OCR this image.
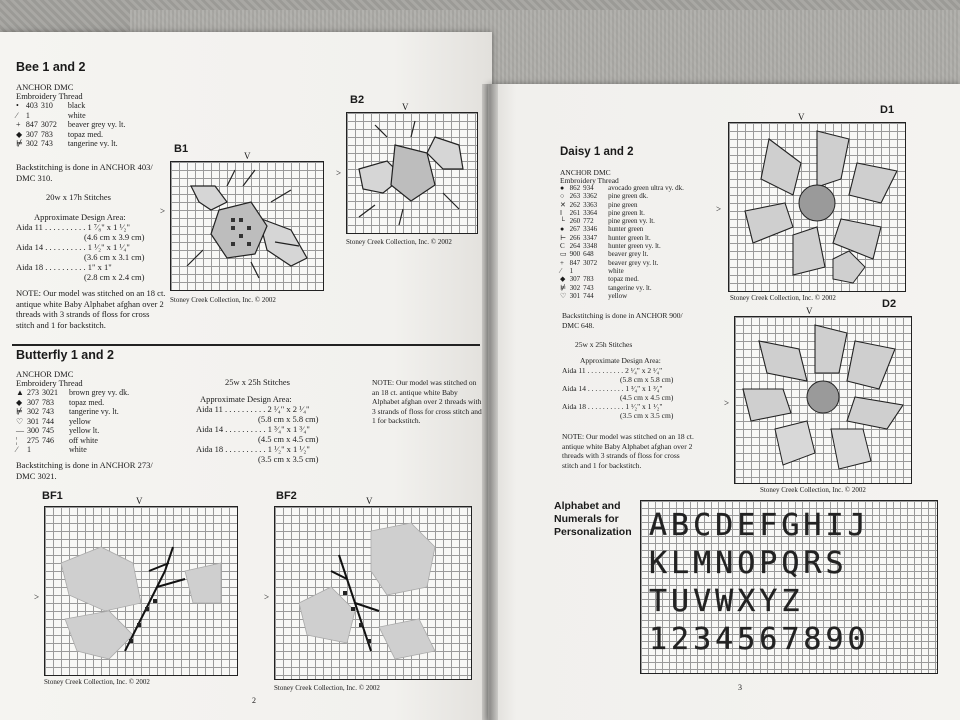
Bee 1 and 2
ANCHOR DMC
Embroidery Thread
•	403	310	black
⁄	1		white
+	847	3072	beaver grey vy. lt.
◆	307	783	topaz med.
⊭	302	743	tangerine vy. lt.
Backstitching is done in ANCHOR 403/ DMC 310.
20w x 17h Stitches
Approximate Design Area:
Aida 11 . . . . . . . . . . 1 ⁷⁄₈" x 1 ¹⁄₂"
(4.6 cm x 3.9 cm)
Aida 14 . . . . . . . . . . 1 ¹⁄₂" x 1 ¹⁄₄"
(3.6 cm x 3.1 cm)
Aida 18 . . . . . . . . . . 1" x 1"
(2.8 cm x 2.4 cm)
NOTE: Our model was stitched on an 18 ct. antique white Baby Alphabet afghan over 2 threads with 3 strands of floss for cross stitch and 1 for backstitch.
B1
V
>
Stoney Creek Collection, Inc. © 2002
B2
V
>
Stoney Creek Collection, Inc. © 2002
Butterfly 1 and 2
ANCHOR DMC
Embroidery Thread
▲	273	3021	brown grey vy. dk.
◆	307	783	topaz med.
⊭	302	743	tangerine vy. lt.
♡	301	744	yellow
—	300	745	yellow lt.
¦	275	746	off white
⁄	1		white
Backstitching is done in ANCHOR 273/ DMC 3021.
25w x 25h Stitches
Approximate Design Area:
Aida 11 . . . . . . . . . . 2 ¹⁄₄" x 2 ¹⁄₄"
(5.8 cm x 5.8 cm)
Aida 14 . . . . . . . . . . 1 ³⁄₄" x 1 ³⁄₄"
(4.5 cm x 4.5 cm)
Aida 18 . . . . . . . . . . 1 ¹⁄₂" x 1 ¹⁄₂"
(3.5 cm x 3.5 cm)
NOTE: Our model was stitched on an 18 ct. antique white Baby Alphabet afghan over 2 threads with 3 strands of floss for cross stitch and 1 for backstitch.
BF1	V
>
Stoney Creek Collection, Inc. © 2002
BF2	V
>
Stoney Creek Collection, Inc. © 2002
2
Daisy 1 and 2
ANCHOR DMC
Embroidery Thread
●	862	934	avocado green ultra vy. dk.
○	263	3362	pine green dk.
✕	262	3363	pine green
‖	261	3364	pine green lt.
└	260	772	pine green vy. lt.
●	267	3346	hunter green
⊢	266	3347	hunter green lt.
C	264	3348	hunter green vy. lt.
▭	900	648	beaver grey lt.
+	847	3072	beaver grey vy. lt.
⁄	1		white
◆	307	783	topaz med.
⊭	302	743	tangerine vy. lt.
♡	301	744	yellow
Backstitching is done in ANCHOR 900/ DMC 648.
25w x 25h Stitches
Approximate Design Area:
Aida 11 . . . . . . . . . . 2 ¹⁄₄" x 2 ¹⁄₄"
(5.8 cm x 5.8 cm)
Aida 14 . . . . . . . . . . 1 ³⁄₄" x 1 ³⁄₄"
(4.5 cm x 4.5 cm)
Aida 18 . . . . . . . . . . 1 ¹⁄₂" x 1 ¹⁄₂"
(3.5 cm x 3.5 cm)
NOTE: Our model was stitched on an 18 ct. antique white Baby Alphabet afghan over 2 threads with 3 strands of floss for cross stitch and 1 for backstitch.
D1
V
>
Stoney Creek Collection, Inc. © 2002	D2
V
>
Stoney Creek Collection, Inc. © 2002
Alphabet and
Numerals for
Personalization ABCDEFGHIJ
KLMNOPQRS
TUVWXYZ
1234567890
3
